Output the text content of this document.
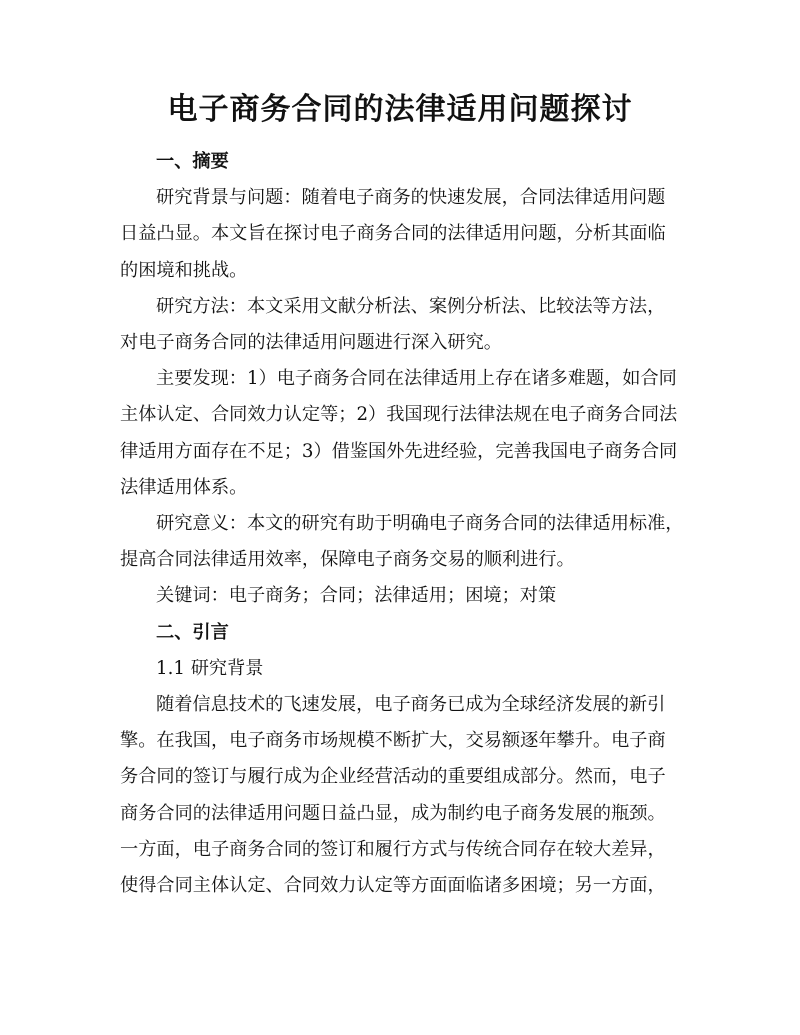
电子商务合同的法律适用问题探讨

一、摘要

研究背景与问题：随着电子商务的快速发展，合同法律适用问题
日益凸显。本文旨在探讨电子商务合同的法律适用问题，分析其面临
的困境和挑战。

研究方法：本文采用文献分析法、案例分析法、比较法等方法，
对电子商务合同的法律适用问题进行深入研究。

主要发现：1）电子商务合同在法律适用上存在诸多难题，如合同
主体认定、合同效力认定等；2）我国现行法律法规在电子商务合同法
律适用方面存在不足；3）借鉴国外先进经验，完善我国电子商务合同
法律适用体系。

研究意义：本文的研究有助于明确电子商务合同的法律适用标准，
提高合同法律适用效率，保障电子商务交易的顺利进行。

关键词：电子商务；合同；法律适用；困境；对策

二、引言

1.1 研究背景

随着信息技术的飞速发展，电子商务已成为全球经济发展的新引
擎。在我国，电子商务市场规模不断扩大，交易额逐年攀升。电子商
务合同的签订与履行成为企业经营活动的重要组成部分。然而，电子
商务合同的法律适用问题日益凸显，成为制约电子商务发展的瓶颈。
一方面，电子商务合同的签订和履行方式与传统合同存在较大差异，
使得合同主体认定、合同效力认定等方面面临诸多困境；另一方面，
